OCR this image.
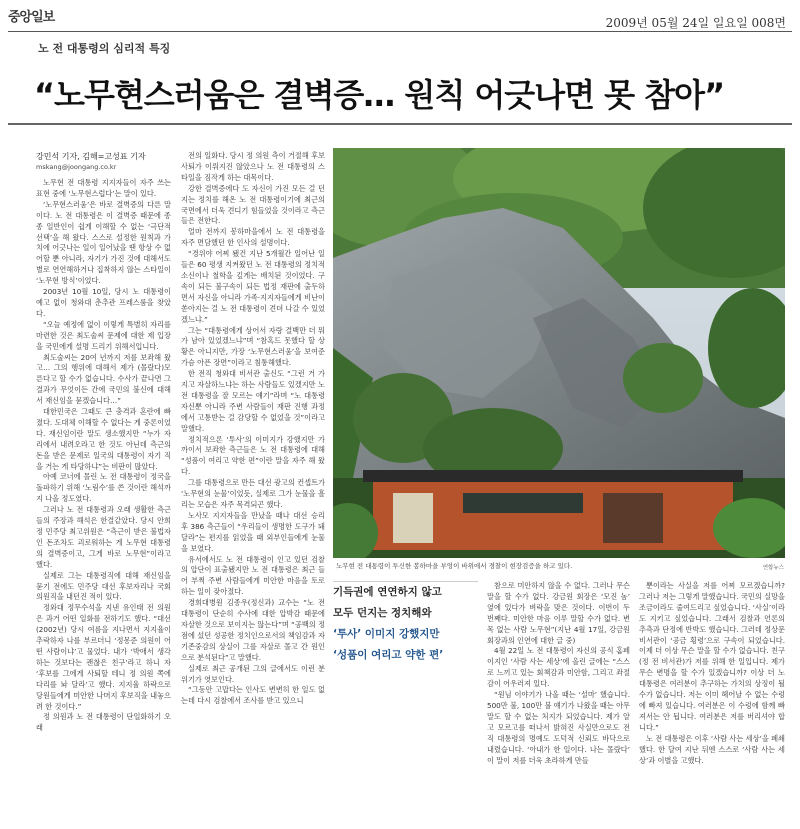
중앙일보	2009년 05월 24일 일요일 008면
노 전 대통령의 심리적 특징
“노무현스러움은 결벽증… 원칙 어긋나면 못 참아”
강민석 기자, 김해=고성표 기자
mskang@joongang.co.kr

노무현 전 대통령 지지자들이 자주 쓰는 표현 중에 ‘노무현스럽다’는 말이 있다.

‘노무현스러움’은 바로 결벽증의 다른 말이다. 노 전 대통령은 이 결벽증 때문에 종종 일반인이 쉽게 이해할 수 없는 ‘극단적 선택’을 해 왔다. 스스로 설정한 원칙과 가치에 어긋나는 일이 일어났을 땐 항상 수 없어할 뿐 아니라, 자기가 가진 것에 대해서도 별로 연연해하거나 집착하지 않는 스타일이 ‘노무현 방식’이었다.

2003년 10월 10일, 당시 노 대통령이 예고 없이 청와대 춘추관 프레스룸을 찾았다.

“오늘 예정에 없이 이렇게 특별히 자리를 마련한 것은 최도술씨 문제에 대한 제 입장을 국민에게 설명 드리기 위해서입니다.

최도술씨는 20여 년까지 저를 보좌해 왔고… 그의 행위에 대해서 제가 (몰랐다)모른다고 할 수가 없습니다. 수사가 끝나면 그 결과가 무엇이든 간에 국민의 불신에 대해서 재신임을 묻겠습니다…”

대한민국은 그때도 큰 충격과 혼란에 빠졌다. 도대체 이해할 수 없다는 게 중론이었다. 재신임이란 말도 생소했지만 “누가 자리에서 내려오라고 한 것도 아닌데 측근의 돈을 받은 문제로 일국의 대통령이 자기 직을 거는 게 타당하냐”는 비판이 많았다.

아예 코너에 몰린 노 전 대통령이 정국을 돌파하기 위해 ‘노림수’를 쓴 것이란 해석까지 나올 정도였다.

그러나 노 전 대통령과 오래 생활한 측근들의 주장과 해석은 한결같았다. 당시 안희정 민주당 최고위원은 “측근이 받은 불법자인 돈조차도 괴로워하는 게 노무현 대통령의 결벽증이고, 그게 바로 노무현”이라고 했다.

실제로 그는 대통령직에 대해 재신임을 묻기 전에도 민주당 대선 후보자리나 국회의원직을 내던진 적이 있다.

정와대 정무수석을 지낸 유인태 전 의원은 과거 어떤 일화를 전하기도 했다. “대선(2002년) 당시 여름을 지나면서 지지율이 추락하자 나를 부르더니 ‘정몽준 의원이 어떤 사람이냐’고 물었다. 내가 ‘박애서 생각하는 것보다는 괜찮은 친구’라고 하니 자 ‘후보를 그에게 사퇴할 테니 정 의원 쪽에 다리를 놔 달라’고 했다. 지지율 하락으로 당원들에게 미안한 나머지 후보직을 내놓으려 한 것이다.”

정 의원과 노 전 대통령이 단일화하기 오래

전의 일화다. 당시 정 의원 측이 거절해 후보 사퇴가 이뤄지진 않았으나 노 전 대통령의 스타일을 짐작게 하는 대목이다.

강한 결벽증에다 도 자신이 가진 모든 걸 던지는 정치를 해온 노 전 대통령이기에 최근의 국면에서 더욱 견디기 힘들었을 것이라고 측근들은 전한다.

얼마 전까지 봉하마을에서 노 전 대통령을 자주 면담했던 한 인사의 설명이다.

“경위야 어찌 됐건 지난 5개월간 일어난 일들은 60 평생 지켜왔던 노 전 대통령의 정치적 소신이나 철학을 깊게는 배치된 것이었다. 구속이 되든 불구속이 되든 법정 재판에 출두하면서 자신을 아니라 가족·지지자들에게 비난이 쏟아지는 걸 노 전 대통령이 견뎌 나갈 수 있었겠느냐.”

그는 “대통령에게 상어서 자랑 결백만 더 뭐가 남아 있었겠느냐”며 “참혹드 못했다 할 상황은 아니지만, 가장 ‘노무현스러움’을 보여준 가슴 아픈 장면”이라고 침통해했다.

한 전직 청와대 비서관 출신도 “그런 거 가지고 자살하느냐는 하는 사람들도 있겠지만 노 전 대통령을 잘 모르는 얘기”라며 “노 대통령 자신뿐 아니라 주변 사람들이 재판 진행 과정에서 고통받는 걸 감당할 수 없었을 것”이라고 말했다.

정치적으론 ‘투사’의 이미지가 강했지만 가까이서 보좌한 측근들은 노 전 대통령에 대해 “성품이 여리고 약한 편”이란 말을 자주 해 왔다.

그를 대통령으로 만든 대선 광고의 컨셉트가 ‘노무현의 눈물’이었듯, 실제로 그가 눈물을 흘리는 모습은 자주 목격되곤 했다.

노사모 지지자들을 만났을 때나 대선 승리 후 386 측근들이 “우리들이 생명한 도구가 돼 달라”는 편지를 읽었을 때 외부인들에게 눈물을 보였다.

유서에서도 노 전 대통령이 인고 있던 검찰의 압단이 표출됐지만 노 전 대통령은 최근 들어 부쩍 주변 사람들에게 미안한 마음을 토로하는 일이 잦아졌다.

경희대병원 김종우(정신과) 교수는 “노 전 대통령이 단순히 수사에 대한 압박감 때문에 자살한 것으로 보이지는 않는다”며 “공백의 정점에 섰던 성공한 정치인으로서의 책임감과 자기존중감의 상실이 그를 자살로 몰고 간 원인으로 분석된다”고 말했다.

실제로 최근 공개된 그의 글에서도 이런 분위기가 엿보인다.

“그동안 고맙다는 인사도 변변히 한 일도 없는데 다시 검찰에서 조사를 받고 있으니

노무현 전 대통령이 투신한 봉하마을 부엉이 바위에서 경찰이 현장검증을 하고 있다.	연합뉴스
기득권에 연연하지 않고
모두 던지는 정치해와
‘투사’ 이미지 강했지만
‘성품이 여리고 약한 편’

참으로 미안하지 않을 수 없다. 그러나 무슨 말을 할 수가 없다. 강금원 회장은 ‘모진 놈’ 옆에 있다가 벼락을 맞은 것이다. 이번이 두 번째다. 미안한 마음 이루 말할 수가 없다. 변목 없는 사람 노무현”(지난 4월 17일, 강금원 회장과의 인연에 대한 글 중)

4월 22일 노 전 대통령이 자신의 공식 홈페이지인 ‘사람 사는 세상’에 올린 글에는 “스스로 느끼고 있는 회책감과 미안함, 그리고 좌절감이 어우러져 있다.

“원님 이야기가 나올 때는 ‘설마’ 했습니다. 500만 불, 100만 불 얘기가 나왔을 때는 아무 말도 할 수 없는 처지가 되었습니다. 제가 알고 모르고를 떠나서 밝혀진 사실만으로도 전직 대통령의 명예도 도덕적 신뢰도 바닥으로 내렸습니다. ‘아내가 한 일이다. 나는 몰랐다’ 이 말이 저를 더욱 초라하게 만들

뿐이라는 사실을 저를 어찌 모르겠습니까? 그러나 저는 그렇게 말했습니다. 국민의 실망을 조금이라도 줄여드리고 싶었습니다. ‘사실’이라도 지키고 싶었습니다. 그래서 검찰과 언론의 추측과 단정에 반박도 했습니다. 그러데 정상문 비서관이 ‘공금 횡령’으로 구속이 되었습니다. 이제 더 이상 무슨 말을 할 수가 없습니다. 친구(정 전 비서관)가 저를 위해 한 일입니다. 제가 무슨 변명을 할 수가 있겠습니까? 이상 더 노 대통령은 여러분이 추구하는 가치의 상징이 될 수가 없습니다. 저는 이미 헤어날 수 없는 수렁에 빠져 있습니다. 여러분은 이 수렁에 함께 빠져서는 안 됩니다. 여러분은 저를 버리셔야 합니다.”

노 전 대통령은 이후 ‘사람 사는 세상’을 폐쇄했다. 한 달여 지난 뒤엔 스스로 ‘사람 사는 세상’과 이별을 고했다.
